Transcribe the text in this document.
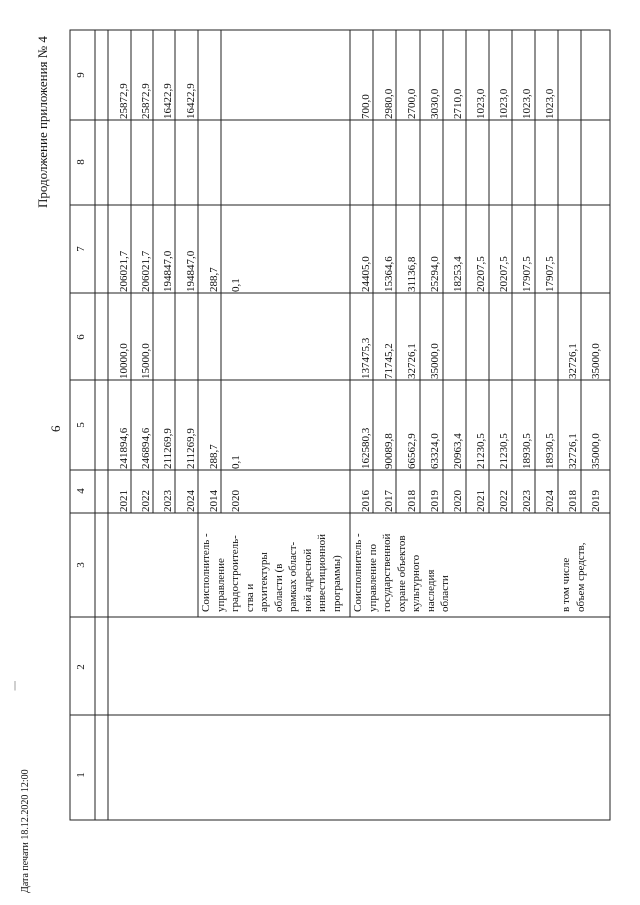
6
Продолжение приложения № 4
Дата печати 18.12.2020 12:00
|
1
2
3
4
5
6
7
8
9
Соисполнитель - управление градостроитель- ства и архитектуры области (в рамках област- ной адресной инвестиционной программы) Соисполнитель - управление по государственной охране объектов культурного наследия области	в том числе объем средств,
2021
241894,6
10000,0
206021,7
25872,9
2022
246894,6
15000,0
206021,7
25872,9
2023
211269,9
194847,0
16422,9
2024
211269,9
194847,0
16422,9
2014
288,7
288,7
2020
0,1
0,1
2016
162580,3
137475,3
24405,0
700,0
2017
90089,8
71745,2
15364,6
2980,0
2018
66562,9
32726,1
31136,8
2700,0
2019
63324,0
35000,0
25294,0
3030,0
2020
20963,4
18253,4
2710,0
2021
21230,5
20207,5
1023,0
2022
21230,5
20207,5
1023,0
2023
18930,5
17907,5
1023,0
2024
18930,5
17907,5
1023,0
2018
32726,1
32726,1
2019
35000,0
35000,0
